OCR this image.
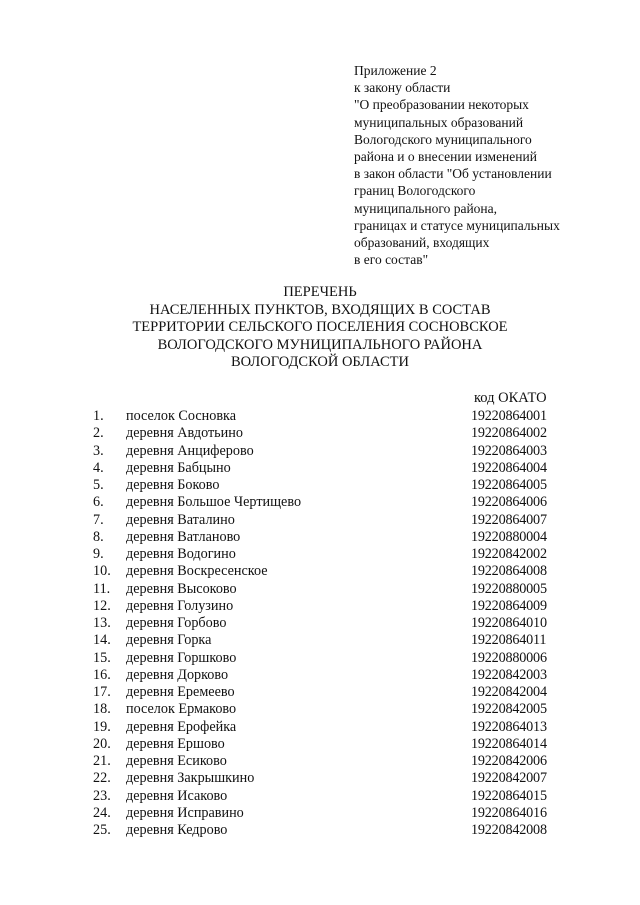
Приложение 2
к закону области
"О преобразовании некоторых
муниципальных образований
Вологодского муниципального
района и о внесении изменений
в закон области "Об установлении
границ Вологодского
муниципального района,
границах и статусе муниципальных
образований, входящих
в его состав"
ПЕРЕЧЕНЬ
НАСЕЛЕННЫХ ПУНКТОВ, ВХОДЯЩИХ В СОСТАВ
ТЕРРИТОРИИ СЕЛЬСКОГО ПОСЕЛЕНИЯ СОСНОВСКОЕ
ВОЛОГОДСКОГО МУНИЦИПАЛЬНОГО РАЙОНА
ВОЛОГОДСКОЙ ОБЛАСТИ
код ОКАТО
1. поселок Сосновка	19220864001
2. деревня Авдотьино	19220864002
3. деревня Анциферово	19220864003
4. деревня Бабцыно	19220864004
5. деревня Боково	19220864005
6. деревня Большое Чертищево	19220864006
7. деревня Ваталино	19220864007
8. деревня Ватланово	19220880004
9. деревня Водогино	19220842002
10. деревня Воскресенское	19220864008
11. деревня Высоково	19220880005
12. деревня Голузино	19220864009
13. деревня Горбово	19220864010
14. деревня Горка	19220864011
15. деревня Горшково	19220880006
16. деревня Дорково	19220842003
17. деревня Еремеево	19220842004
18. поселок Ермаково	19220842005
19. деревня Ерофейка	19220864013
20. деревня Ершово	19220864014
21. деревня Есиково	19220842006
22. деревня Закрышкино	19220842007
23. деревня Исаково	19220864015
24. деревня Исправино	19220864016
25. деревня Кедрово	19220842008
